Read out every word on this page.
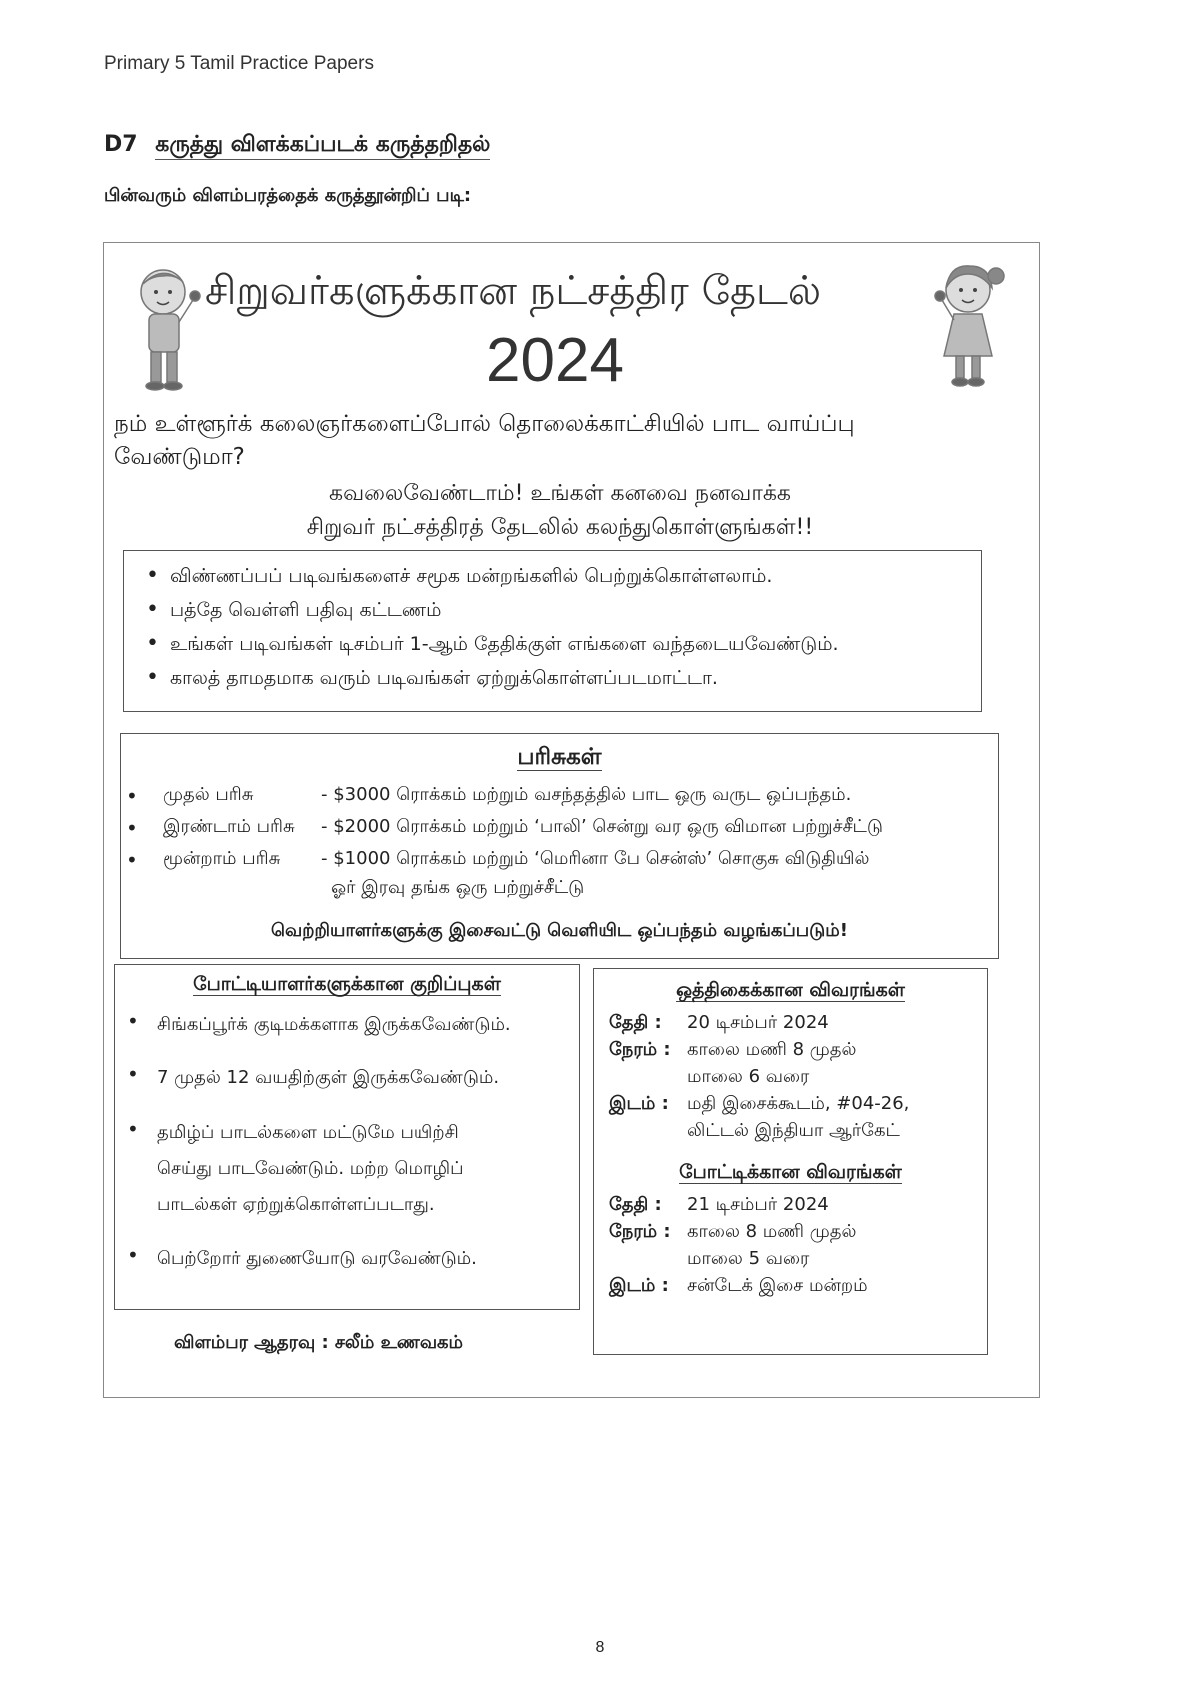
Primary 5 Tamil Practice Papers
D7 கருத்து விளக்கப்படக் கருத்தறிதல்
பின்வரும் விளம்பரத்தைக் கருத்தூன்றிப் படி:
சிறுவர்களுக்கான நட்சத்திர தேடல்
2024
நம் உள்ளூர்க் கலைஞர்களைப்போல் தொலைக்காட்சியில் பாட வாய்ப்பு
வேண்டுமா?
கவலைவேண்டாம்! உங்கள் கனவை நனவாக்க
சிறுவர் நட்சத்திரத் தேடலில் கலந்துகொள்ளுங்கள்!!
• விண்ணப்பப் படிவங்களைச் சமூக மன்றங்களில் பெற்றுக்கொள்ளலாம்.
• பத்தே வெள்ளி பதிவு கட்டணம்
• உங்கள் படிவங்கள் டிசம்பர் 1-ஆம் தேதிக்குள் எங்களை வந்தடையவேண்டும்.
• காலத் தாமதமாக வரும் படிவங்கள் ஏற்றுக்கொள்ளப்படமாட்டா.
பரிசுகள்
• முதல் பரிசு	- $3000 ரொக்கம் மற்றும் வசந்தத்தில் பாட ஒரு வருட ஒப்பந்தம்.
• இரண்டாம் பரிசு - $2000 ரொக்கம் மற்றும் ‘பாலி’ சென்று வர ஒரு விமான பற்றுச்சீட்டு
• மூன்றாம் பரிசு - $1000 ரொக்கம் மற்றும் ‘மெரினா பே சென்ஸ்’ சொகுசு விடுதியில்
ஓர் இரவு தங்க ஒரு பற்றுச்சீட்டு
வெற்றியாளர்களுக்கு இசைவட்டு வெளியிட ஒப்பந்தம் வழங்கப்படும்!
போட்டியாளர்களுக்கான குறிப்புகள்
• சிங்கப்பூர்க் குடிமக்களாக இருக்கவேண்டும்.
• 7 முதல் 12 வயதிற்குள் இருக்கவேண்டும்.
• தமிழ்ப் பாடல்களை மட்டுமே பயிற்சி
செய்து பாடவேண்டும். மற்ற மொழிப்
பாடல்கள் ஏற்றுக்கொள்ளப்படாது.
• பெற்றோர் துணையோடு வரவேண்டும்.
ஒத்திகைக்கான விவரங்கள்
தேதி : 20 டிசம்பர் 2024
நேரம் : காலை மணி 8 முதல்
மாலை 6 வரை
இடம் : மதி இசைக்கூடம், #04-26,
லிட்டல் இந்தியா ஆர்கேட்
போட்டிக்கான விவரங்கள்
தேதி : 21 டிசம்பர் 2024
நேரம் : காலை 8 மணி முதல்
மாலை 5 வரை
இடம் : சன்டேக் இசை மன்றம்
விளம்பர ஆதரவு : சலீம் உணவகம்
8
